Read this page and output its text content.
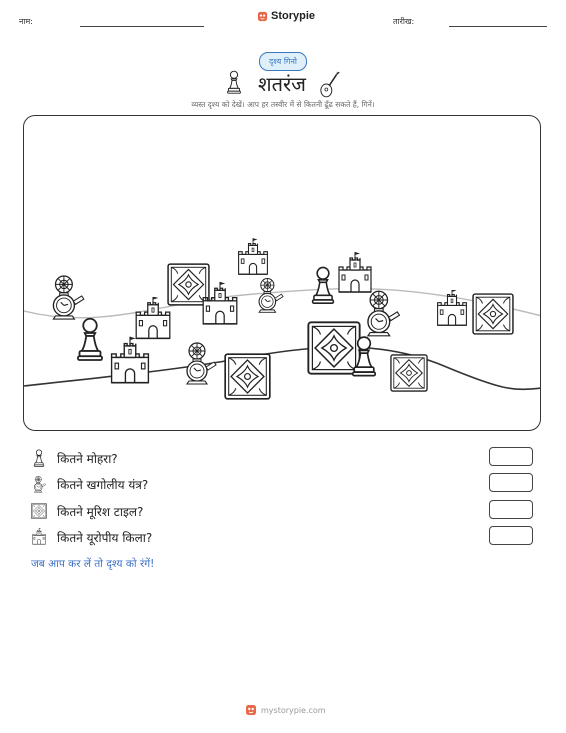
नाम:	Storypie	तारीख:
दृश्य गिनो
शतरंज
व्यस्त दृश्य को देखें। आप हर तस्वीर में से कितनी ढूँढ सकते हैं, गिनें।
कितने मोहरा?
कितने खगोलीय यंत्र?
कितने मूरिश टाइल?
कितने यूरोपीय किला?
जब आप कर लें तो दृश्य को रंगें!
mystorypie.com
